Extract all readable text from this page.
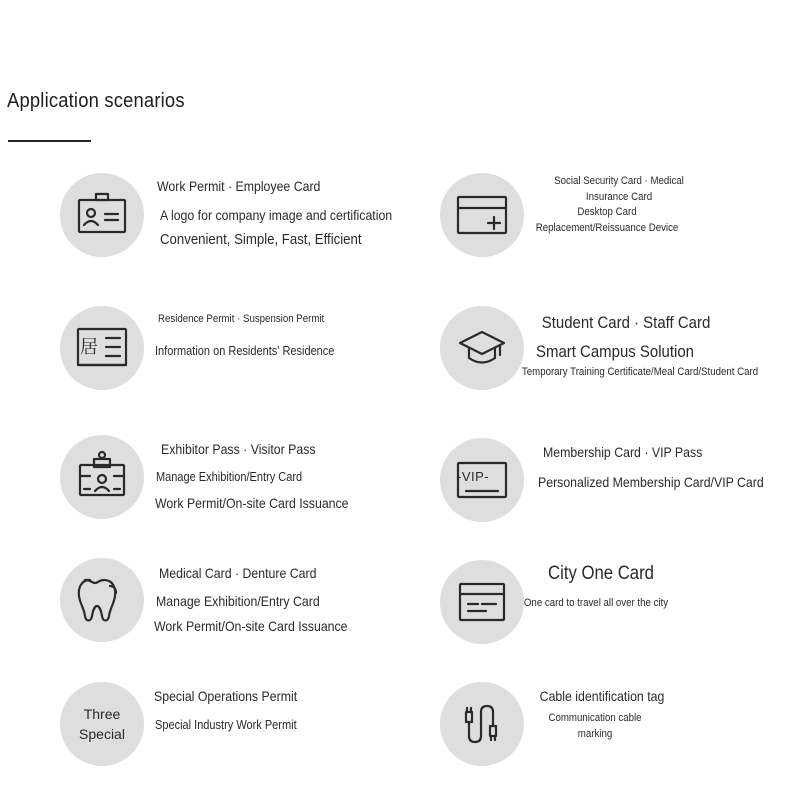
Application scenarios
Work Permit · Employee Card
A logo for company image and certification
Convenient, Simple, Fast, Efficient
Social Security Card · Medical Insurance Card
Desktop Card Replacement/Reissuance Device
居
Residence Permit · Suspension Permit
Information on Residents' Residence
Student Card · Staff Card
Smart Campus Solution
Temporary Training Certificate/Meal Card/Student Card
Exhibitor Pass · Visitor Pass
Manage Exhibition/Entry Card
Work Permit/On-site Card Issuance
-VIP-
Membership Card · VIP Pass
Personalized Membership Card/VIP Card
Medical Card · Denture Card
Manage Exhibition/Entry Card
Work Permit/On-site Card Issuance
City One Card
One card to travel all over the city
Three
Special
Special Operations Permit
Special Industry Work Permit
Cable identification tag
Communication cable
marking
